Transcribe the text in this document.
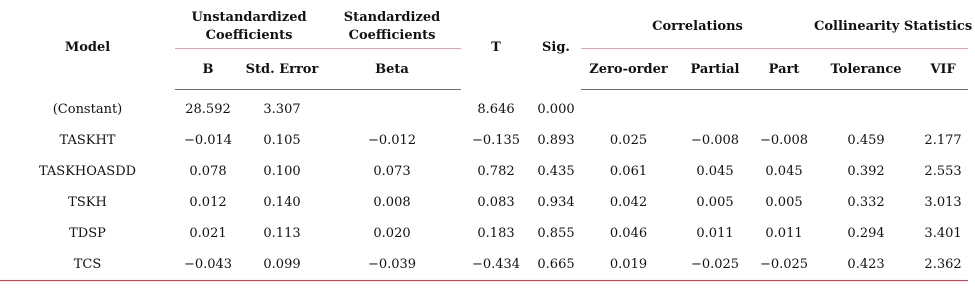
Model	Unstandardized Coefficients		Standardized Coefficients	T	Sig.	Correlations			Collinearity Statistics	
	B	Std. Error	Beta			Zero-order	Partial	Part	Tolerance	VIF
(Constant)	28.592	3.307		8.646	0.000					
TASKHT	−0.014	0.105	−0.012	−0.135	0.893	0.025	−0.008	−0.008	0.459	2.177
TASKHOASDD	0.078	0.100	0.073	0.782	0.435	0.061	0.045	0.045	0.392	2.553
TSKH	0.012	0.140	0.008	0.083	0.934	0.042	0.005	0.005	0.332	3.013
TDSP	0.021	0.113	0.020	0.183	0.855	0.046	0.011	0.011	0.294	3.401
TCS	−0.043	0.099	−0.039	−0.434	0.665	0.019	−0.025	−0.025	0.423	2.362
